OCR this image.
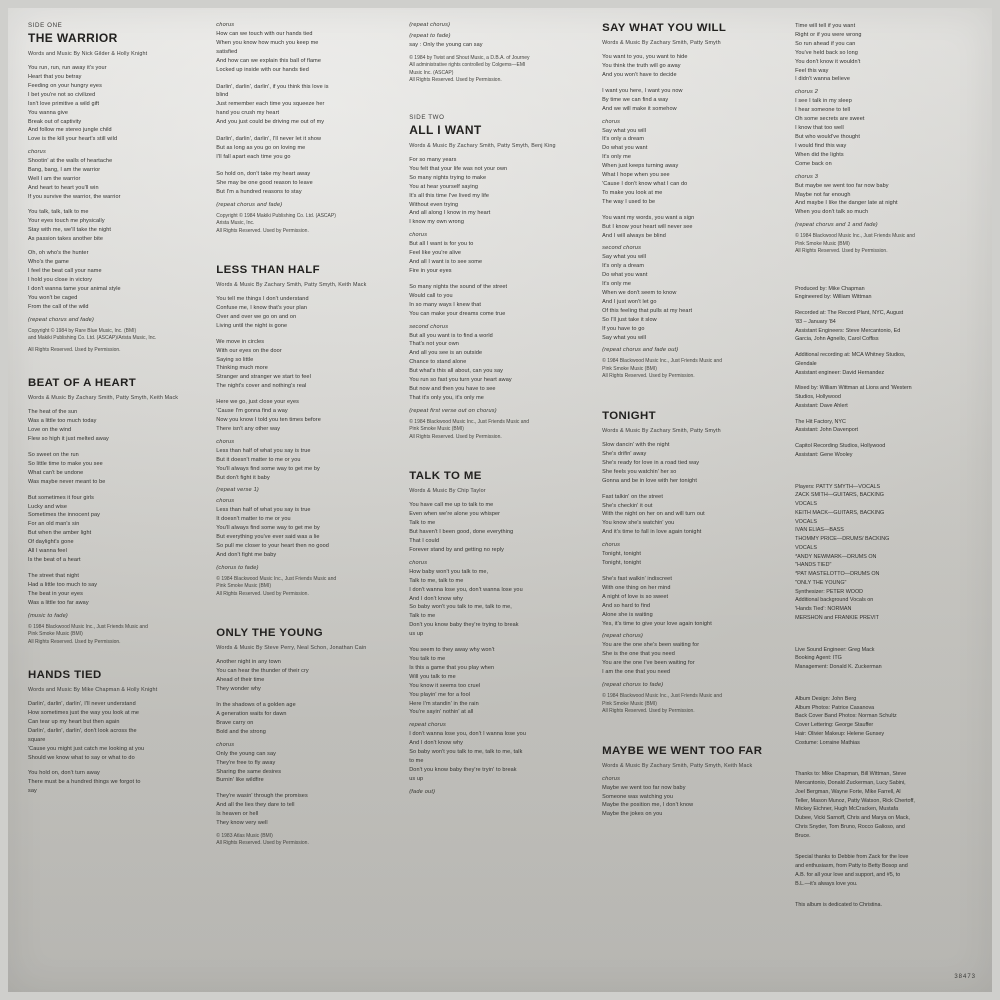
SIDE ONE
THE WARRIOR
Words and Music By Nick Gilder & Holly Knight
You run, run, run away it's your
Heart that you betray
Feeding on your hungry eyes
I bet you're not so civilized
Isn't love primitive a wild gift
You wanna give
Break out of captivity
And follow me stereo jungle child
Love is the kill your heart's still wild
chorus
Shootin' at the walls of heartache
Bang, bang, I am the warrior
Well I am the warrior
And heart to heart you'll win
If you survive the warrior, the warrior
You talk, talk, talk to me
Your eyes touch me physically
Stay with me, we'll take the night
As passion takes another bite
Oh, oh who's the hunter
Who's the game
I feel the beat call your name
I hold you close in victory
I don't wanna tame your animal style
You won't be caged
From the call of the wild
(repeat chorus and fade)
Copyright © 1984 by Rare Blue Music, Inc. (BMI)
and Makiki Publishing Co. Ltd. (ASCAP)/Arista Music, Inc.
All Rights Reserved. Used by Permission.
BEAT OF A HEART
Words & Music By Zachary Smith, Patty Smyth, Keith Mack
The heat of the sun
Was a little too much today
Love on the wind
Flew so high it just melted away
So sweet on the run
So little time to make you see
What can't be undone
Was maybe never meant to be
But sometimes it four girls
Lucky and wise
Sometimes the innocent pay
For an old man's sin
But when the amber light
Of daylight's gone
All I wanna feel
Is the beat of a heart
The street that night
Had a little too much to say
The beat in your eyes
Was a little too far away
(music to fade)
© 1984 Blackwood Music Inc., Just Friends Music and
Pink Smoke Music (BMI)
All Rights Reserved. Used by Permission.
HANDS TIED
Words and Music By Mike Chapman & Holly Knight
Darlin', darlin', darlin', I'll never understand
How sometimes just the way you look at me
Can tear up my heart but then again
Darlin', darlin', darlin', don't look across the
square
'Cause you might just catch me looking at you
Should we know what to say or what to do
You hold on, don't turn away
There must be a hundred things we forgot to
say
chorus
How can we touch with our hands tied
When you know how much you keep me
satisfied
And how can we explain this ball of flame
Locked up inside with our hands tied
Darlin', darlin', darlin', if you think this love is
blind
Just remember each time you squeeze her
hand you crush my heart
And you just could be driving me out of my
Darlin', darlin', darlin', I'll never let it show
But as long as you go on loving me
I'll fall apart each time you go
So hold on, don't take my heart away
She may be one good reason to leave
But I'm a hundred reasons to stay
(repeat chorus and fade)
Copyright © 1984 Makiki Publishing Co. Ltd. (ASCAP)
Arista Music, Inc.
All Rights Reserved. Used by Permission.
LESS THAN HALF
Words & Music By Zachary Smith, Patty Smyth, Keith Mack
You tell me things I don't understand
Confuse me, I know that's your plan
Over and over we go on and on
Living until the night is gone
We move in circles
With our eyes on the door
Saying so little
Thinking much more
Stranger and stranger we start to feel
The night's cover and nothing's real
Here we go, just close your eyes
'Cause I'm gonna find a way
Now you know I told you ten times before
There isn't any other way
chorus
Less than half of what you say is true
But it doesn't matter to me or you
You'll always find some way to get me by
But don't fight it baby
(repeat verse 1)
chorus
Less than half of what you say is true
It doesn't matter to me or you
You'll always find some way to get me by
But everything you've ever said was a lie
So pull me closer to your heart then no good
And don't fight me baby
(chorus to fade)
© 1984 Blackwood Music Inc., Just Friends Music and
Pink Smoke Music (BMI)
All Rights Reserved. Used by Permission.
ONLY THE YOUNG
Words & Music By Steve Perry, Neal Schon, Jonathan Cain
Another night in any town
You can hear the thunder of their cry
Ahead of their time
They wonder why
In the shadows of a golden age
A generation waits for dawn
Brave carry on
Bold and the strong
chorus
Only the young can say
They're free to fly away
Sharing the same desires
Burnin' like wildfire
They're wasin' through the promises
And all the lies they dare to tell
Is heaven or hell
They know very well
© 1983 Atlas Music (BMI)
All Rights Reserved. Used by Permission.
(repeat chorus)
(repeat to fade)
say : Only the young can say
© 1984 by Twist and Shout Music, a D.B.A. of Journey
All administrative rights controlled by Colgems—EMI
Music Inc. (ASCAP)
All Rights Reserved. Used by Permission.
SIDE TWO
ALL I WANT
Words & Music By Zachary Smith, Patty Smyth, Benj King
For so many years
You felt that your life was not your own
So many nights trying to make
You at hear yourself saying
It's all this time I've lived my life
Without even trying
And all along I know in my heart
I know my own wrong
chorus
But all I want is for you to
Feel like you're alive
And all I want is to see some
Fire in your eyes
So many nights the sound of the street
Would call to you
In so many ways I knew that
You can make your dreams come true
second chorus
But all you want is to find a world
That's not your own
And all you see is an outside
Chance to stand alone
But what's this all about, can you say
You run so fast you turn your heart away
But now and then you have to see
That it's only you, it's only me
(repeat first verse out on chorus)
© 1984 Blackwood Music Inc., Just Friends Music and
Pink Smoke Music (BMI)
All Rights Reserved. Used by Permission.
TALK TO ME
Words & Music By Chip Taylor
You have call me up to talk to me
Even when we're alone you whisper
Talk to me
But haven't I been good, done everything
That I could
Forever stand by and getting no reply
chorus
How baby won't you talk to me,
Talk to me, talk to me
I don't wanna lose you, don't wanna lose you
And I don't know why
So baby won't you talk to me, talk to me,
Talk to me
Don't you know baby they're trying to break
us up
You seem to they away why won't
You talk to me
Is this a game that you play when
Will you talk to me
You know it seems too cruel
You playin' me for a fool
Here I'm standin' in the rain
You're sayin' nothin' at all
repeat chorus
I don't wanna lose you, don't I wanna lose you
And I don't know why
So baby won't you talk to me, talk to me, talk
to me
Don't you know baby they're tryin' to break
us up
(fade out)
SAY WHAT YOU WILL
Words & Music By Zachary Smith, Patty Smyth
You want to you, you want to hide
You think the truth will go away
And you won't have to decide
I want you here, I want you now
By time we can find a way
And we will make it somehow
chorus
Say what you will
It's only a dream
Do what you want
It's only me
When just keeps turning away
What I hope when you see
'Cause I don't know what I can do
To make you look at me
The way I used to be
You want my words, you want a sign
But I know your heart will never see
And I will always be blind
second chorus
Say what you will
It's only a dream
Do what you want
It's only me
When we don't seem to know
And I just won't let go
Of this feeling that pulls at my heart
So I'll just take it slow
If you have to go
Say what you will
(repeat chorus and fade out)
© 1984 Blackwood Music Inc., Just Friends Music and
Pink Smoke Music (BMI)
All Rights Reserved. Used by Permission.
TONIGHT
Words & Music By Zachary Smith, Patty Smyth
Slow dancin' with the night
She's drifin' away
She's ready for love in a road tied way
She feels you watchin' her so
Gonna and be in love with her tonight
Fast talkin' on the street
She's checkin' it out
With the night on her on and will turn out
You know she's watchin' you
And it's time to fall in love again tonight
chorus
Tonight, tonight
Tonight, tonight
She's fast walkin' indiscreet
With one thing on her mind
A night of love is so sweet
And so hard to find
Alone she is waiting
Yes, it's time to give your love again tonight
(repeat chorus)
You are the one she's been waiting for
She is the one that you need
You are the one I've been waiting for
I am the one that you need
(repeat chorus to fade)
© 1984 Blackwood Music Inc., Just Friends Music and
Pink Smoke Music (BMI)
All Rights Reserved. Used by Permission.
MAYBE WE WENT TOO FAR
Words & Music By Zachary Smith, Patty Smyth, Keith Mack
chorus
Maybe we went too far now baby
Someone was watching you
Maybe the position me, I don't know
Maybe the jokes on you
Time will tell if you want
Right or if you were wrong
So run ahead if you can
You've held back so long
You don't know it wouldn't
Feel this way
I didn't wanna believe
chorus 2
I see I talk in my sleep
I hear someone to tell
Oh some secrets are sweet
I know that too well
But who would've thought
I would find this way
When did the lights
Come back on
chorus 3
But maybe we went too far now baby
Maybe not far enough
And maybe I like the danger late at night
When you don't talk so much
(repeat chorus and 1 and fade)
© 1984 Blackwood Music Inc., Just Friends Music and
Pink Smoke Music (BMI)
All Rights Reserved. Used by Permission.
Produced by: Mike Chapman
Engineered by: William Wittman
Recorded at: The Record Plant, NYC, August
'83 – January '84
Assistant Engineers: Steve Mercantonio, Ed
Garcia, John Agnello, Carol Coffiss
Additional recording at: MCA Whitney Studios,
Glendale
Assistant engineer: David Hernandez
Mixed by: William Wittman at Lions and 'Western
Studios, Hollywood
Assistant: Dave Ahlert
The Hit Factory, NYC
Assistant: John Davenport
Capitol Recording Studios, Hollywood
Assistant: Gene Wooley
Players: PATTY SMYTH—VOCALS
ZACK SMITH—GUITARS, BACKING
VOCALS
KEITH MACK—GUITARS, BACKING
VOCALS
IVAN ELIAS—BASS
THOMMY PRICE—DRUMS/ BACKING
VOCALS
*ANDY NEWMARK—DRUMS ON
"HANDS TIED"
*PAT MASTELOTTO—DRUMS ON
"ONLY THE YOUNG"
Synthesizer: PETER WOOD
Additional background Vocals on
'Hands Tied': NORMAN
MERSHON and FRANKIE PREVIT
Live Sound Engineer: Greg Mack
Booking Agent: ITG
Management: Donald K. Zuckerman
Album Design: John Berg
Album Photos: Patrice Casanova
Back Cover Band Photos: Norman Schultz
Cover Lettering: George Stauffer
Hair: Olivier Makeup: Helene Gunsey
Costume: Lorraine Mathias
Thanks to: Mike Chapman, Bill Wittman, Steve
Mercantonio, Donald Zuckerman, Lucy Sabini,
Joel Bergman, Wayne Forte, Mike Farrell, Al
Teller, Mason Munoz, Patty Watson, Rick Chertoff,
Mickey Eichner, Hugh McCracken, Mustafa
Dubee, Vicki Sarnoff, Chris and Marya on Mack,
Chris Snyder, Tom Bruno, Rocco Galioso, and
Bruce.
Special thanks to Debbie from Zack for the love
and enthusiasm, from Patty to Betty Bosop and
A.B. for all your love and support, and #5, to
B.L.—it's always love you.
This album is dedicated to Christina.
38473
